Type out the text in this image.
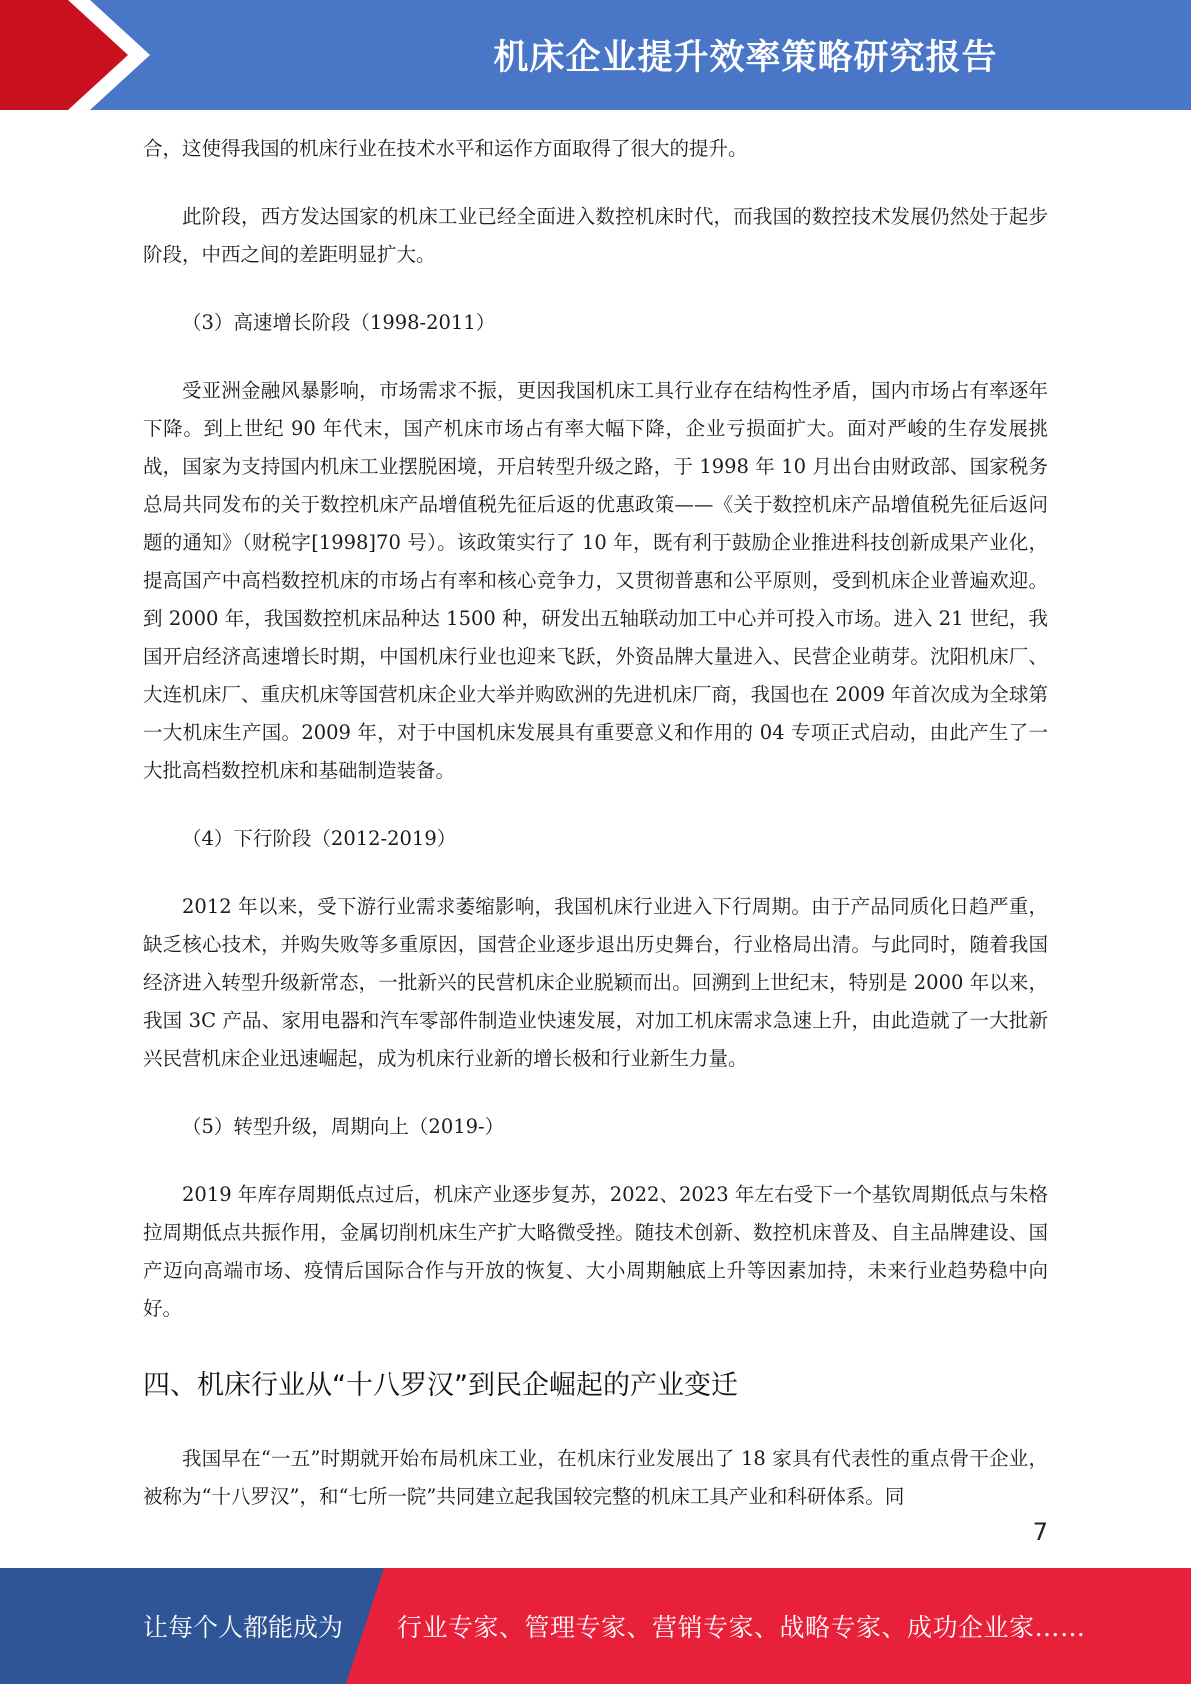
机床企业提升效率策略研究报告

合，这使得我国的机床行业在技术水平和运作方面取得了很大的提升。

此阶段，西方发达国家的机床工业已经全面进入数控机床时代，而我国的数控技术发展仍然处于起步阶段，中西之间的差距明显扩大。

（3）高速增长阶段（1998-2011）

受亚洲金融风暴影响，市场需求不振，更因我国机床工具行业存在结构性矛盾，国内市场占有率逐年下降。到上世纪 90 年代末，国产机床市场占有率大幅下降，企业亏损面扩大。面对严峻的生存发展挑战，国家为支持国内机床工业摆脱困境，开启转型升级之路，于 1998 年 10 月出台由财政部、国家税务总局共同发布的关于数控机床产品增值税先征后返的优惠政策——《关于数控机床产品增值税先征后返问题的通知》（财税字[1998]70 号）。该政策实行了 10 年，既有利于鼓励企业推进科技创新成果产业化，提高国产中高档数控机床的市场占有率和核心竞争力，又贯彻普惠和公平原则，受到机床企业普遍欢迎。到 2000 年，我国数控机床品种达 1500 种，研发出五轴联动加工中心并可投入市场。进入 21 世纪，我国开启经济高速增长时期，中国机床行业也迎来飞跃，外资品牌大量进入、民营企业萌芽。沈阳机床厂、大连机床厂、重庆机床等国营机床企业大举并购欧洲的先进机床厂商，我国也在 2009 年首次成为全球第一大机床生产国。2009 年，对于中国机床发展具有重要意义和作用的 04 专项正式启动，由此产生了一大批高档数控机床和基础制造装备。

（4）下行阶段（2012-2019）

2012 年以来，受下游行业需求萎缩影响，我国机床行业进入下行周期。由于产品同质化日趋严重，缺乏核心技术，并购失败等多重原因，国营企业逐步退出历史舞台，行业格局出清。与此同时，随着我国经济进入转型升级新常态，一批新兴的民营机床企业脱颖而出。回溯到上世纪末，特别是 2000 年以来，我国 3C 产品、家用电器和汽车零部件制造业快速发展，对加工机床需求急速上升，由此造就了一大批新兴民营机床企业迅速崛起，成为机床行业新的增长极和行业新生力量。

（5）转型升级，周期向上（2019-）

2019 年库存周期低点过后，机床产业逐步复苏，2022、2023 年左右受下一个基钦周期低点与朱格拉周期低点共振作用，金属切削机床生产扩大略微受挫。随技术创新、数控机床普及、自主品牌建设、国产迈向高端市场、疫情后国际合作与开放的恢复、大小周期触底上升等因素加持，未来行业趋势稳中向好。

四、机床行业从“十八罗汉”到民企崛起的产业变迁

我国早在“一五”时期就开始布局机床工业，在机床行业发展出了 18 家具有代表性的重点骨干企业，被称为“十八罗汉”，和“七所一院”共同建立起我国较完整的机床工具产业和科研体系。同

7
让每个人都能成为 行业专家、管理专家、营销专家、战略专家、成功企业家……
